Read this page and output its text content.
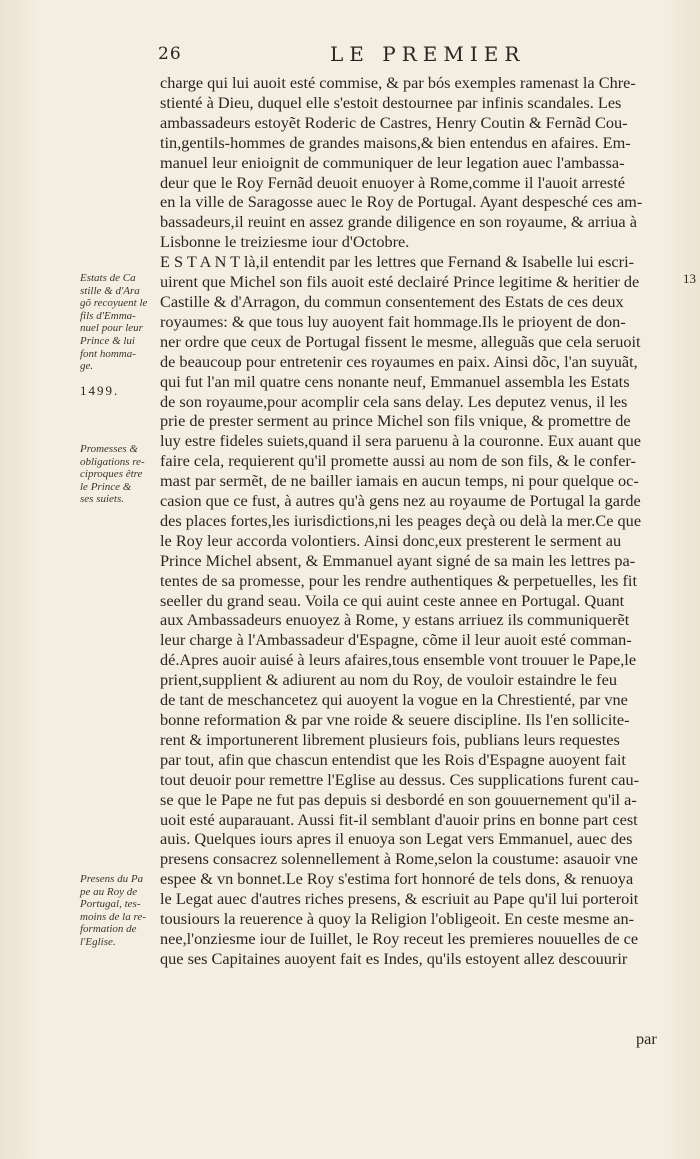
26	LE PREMIER
charge qui lui auoit esté commise, & par bós exemples ramenast la Chre-
stienté à Dieu, duquel elle s'estoit destournee par infinis scandales. Les
ambassadeurs estoyẽt Roderic de Castres, Henry Coutin & Fernãd Cou-
tin,gentils-hommes de grandes maisons,& bien entendus en afaires. Em-
manuel leur enioignit de communiquer de leur legation auec l'ambassa-
deur que le Roy Fernãd deuoit enuoyer à Rome,comme il l'auoit arresté
en la ville de Saragosse auec le Roy de Portugal. Ayant despesché ces am-
bassadeurs,il reuint en assez grande diligence en son royaume, & arriua à
Lisbonne le treiziesme iour d'Octobre.
E S T A N T là,il entendit par les lettres que Fernand & Isabelle lui escri-
uirent que Michel son fils auoit esté declairé Prince legitime & heritier de
Castille & d'Arragon, du commun consentement des Estats de ces deux
royaumes: & que tous luy auoyent fait hommage.Ils le prioyent de don-
ner ordre que ceux de Portugal fissent le mesme, alleguãs que cela seruoit
de beaucoup pour entretenir ces royaumes en paix. Ainsi dõc, l'an suyuãt,
qui fut l'an mil quatre cens nonante neuf, Emmanuel assembla les Estats
de son royaume,pour acomplir cela sans delay. Les deputez venus, il les
prie de prester serment au prince Michel son fils vnique, & promettre de
luy estre fideles suiets,quand il sera paruenu à la couronne. Eux auant que
faire cela, requierent qu'il promette aussi au nom de son fils, & le confer-
mast par sermẽt, de ne bailler iamais en aucun temps, ni pour quelque oc-
casion que ce fust, à autres qu'à gens nez au royaume de Portugal la garde
des places fortes,les iurisdictions,ni les peages deçà ou delà la mer.Ce que
le Roy leur accorda volontiers. Ainsi donc,eux presterent le serment au
Prince Michel absent, & Emmanuel ayant signé de sa main les lettres pa-
tentes de sa promesse, pour les rendre authentiques & perpetuelles, les fit
seeller du grand seau. Voila ce qui auint ceste annee en Portugal. Quant
aux Ambassadeurs enuoyez à Rome, y estans arriuez ils communiquerẽt
leur charge à l'Ambassadeur d'Espagne, cõme il leur auoit esté comman-
dé.Apres auoir auisé à leurs afaires,tous ensemble vont trouuer le Pape,le
prient,supplient & adiurent au nom du Roy, de vouloir estaindre le feu
de tant de meschancetez qui auoyent la vogue en la Chrestienté, par vne
bonne reformation & par vne roide & seuere discipline. Ils l'en sollicite-
rent & importunerent librement plusieurs fois, publians leurs requestes
par tout, afin que chascun entendist que les Rois d'Espagne auoyent fait
tout deuoir pour remettre l'Eglise au dessus. Ces supplications furent cau-
se que le Pape ne fut pas depuis si desbordé en son gouuernement qu'il a-
uoit esté auparauant. Aussi fit-il semblant d'auoir prins en bonne part cest
auis. Quelques iours apres il enuoya son Legat vers Emmanuel, auec des
presens consacrez solennellement à Rome,selon la coustume: asauoir vne
espee & vn bonnet.Le Roy s'estima fort honnoré de tels dons, & renuoya
le Legat auec d'autres riches presens, & escriuit au Pape qu'il lui porteroit
tousiours la reuerence à quoy la Religion l'obligeoit. En ceste mesme an-
nee,l'onziesme iour de Iuillet, le Roy receut les premieres nouuelles de ce
que ses Capitaines auoyent fait es Indes, qu'ils estoyent allez descouurir
Estats de Ca
stille & d'Ara
gõ recoyuent le
fils d'Emma-
nuel pour leur
Prince & lui
font homma-
ge.
Promesses &
obligations re-
ciproques être
le Prince &
ses suiets.
Presens du Pa
pe au Roy de
Portugal, tes-
moins de la re-
formation de
l'Eglise.
1499.
13
par
